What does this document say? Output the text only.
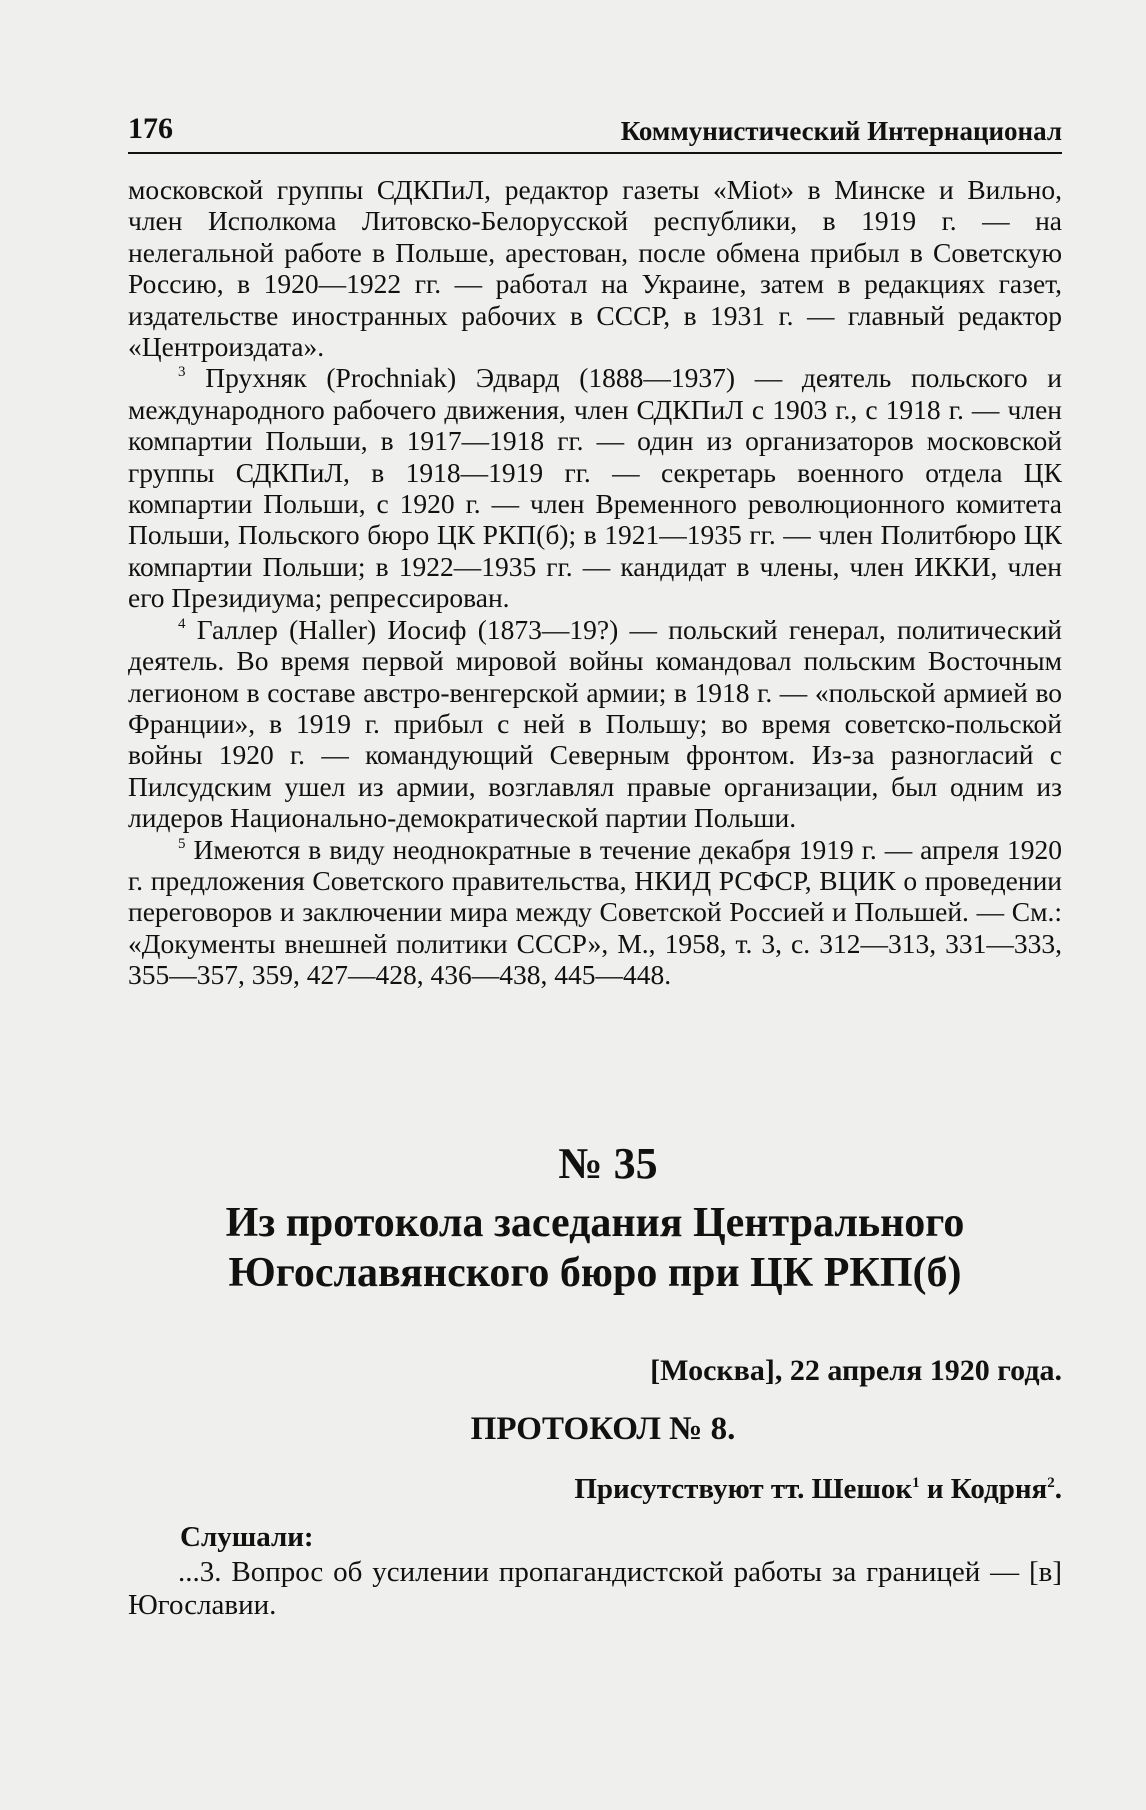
176	Коммунистический Интернационал

московской группы СДКПиЛ, редактор газеты «Miot» в Минске и Вильно, член Исполкома Литовско-Белорусской республики, в 1919 г. — на нелегальной работе в Польше, арестован, после обмена прибыл в Советскую Россию, в 1920—1922 гг. — работал на Украине, затем в редакциях газет, издательстве иностранных рабочих в СССР, в 1931 г. — главный редактор «Центроиздата».

$^3$ Прухняк (Prochniak) Эдвард (1888—1937) — деятель польского и международного рабочего движения, член СДКПиЛ с 1903 г., с 1918 г. — член компартии Польши, в 1917—1918 гг. — один из организаторов московской группы СДКПиЛ, в 1918—1919 гг. — секретарь военного отдела ЦК компартии Польши, с 1920 г. — член Временного революционного комитета Польши, Польского бюро ЦК РКП(б); в 1921—1935 гг. — член Политбюро ЦК компартии Польши; в 1922—1935 гг. — кандидат в члены, член ИККИ, член его Президиума; репрессирован.

$^4$ Галлер (Haller) Иосиф (1873—19?) — польский генерал, политический деятель. Во время первой мировой войны командовал польским Восточным легионом в составе австро-венгерской армии; в 1918 г. — «польской армией во Франции», в 1919 г. прибыл с ней в Польшу; во время советско-польской войны 1920 г. — командующий Северным фронтом. Из-за разногласий с Пилсудским ушел из армии, возглавлял правые организации, был одним из лидеров Национально-демократической партии Польши.

$^5$ Имеются в виду неоднократные в течение декабря 1919 г. — апреля 1920 г. предложения Советского правительства, НКИД РСФСР, ВЦИК о проведении переговоров и заключении мира между Советской Россией и Польшей. — См.: «Документы внешней политики СССР», М., 1958, т. 3, с. 312—313, 331—333, 355—357, 359, 427—428, 436—438, 445—448.

№ 35
Из протокола заседания Центрального Югославянского бюро при ЦК РКП(б)
[Москва], 22 апреля 1920 года.
ПРОТОКОЛ № 8.
Присутствуют тт. Шешок$^1$ и Кодрня$^2$.
Слушали:

...3. Вопрос об усилении пропагандистской работы за границей — [в] Югославии.
